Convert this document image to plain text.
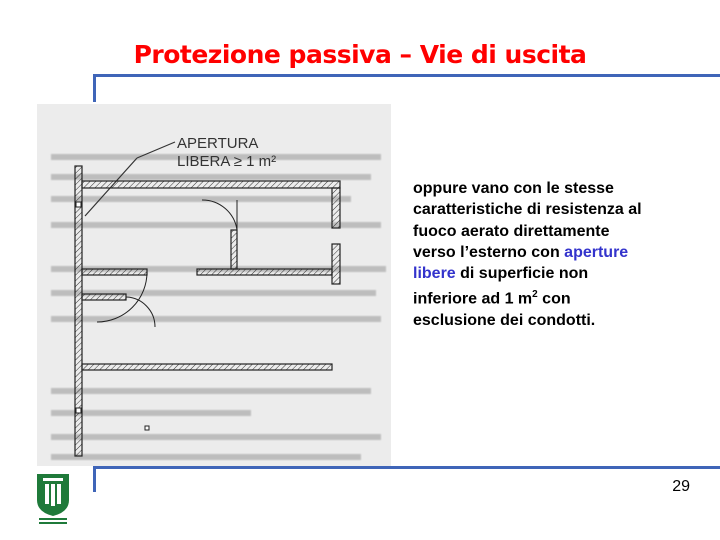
Protezione passiva – Vie di uscita
APERTURA
LIBERA ≥ 1 m²
oppure vano con le stesse
caratteristiche di resistenza al
fuoco aerato direttamente
verso l’esterno con aperture
libere di superficie non
inferiore ad 1 $m^2$ con
esclusione dei condotti.
29
